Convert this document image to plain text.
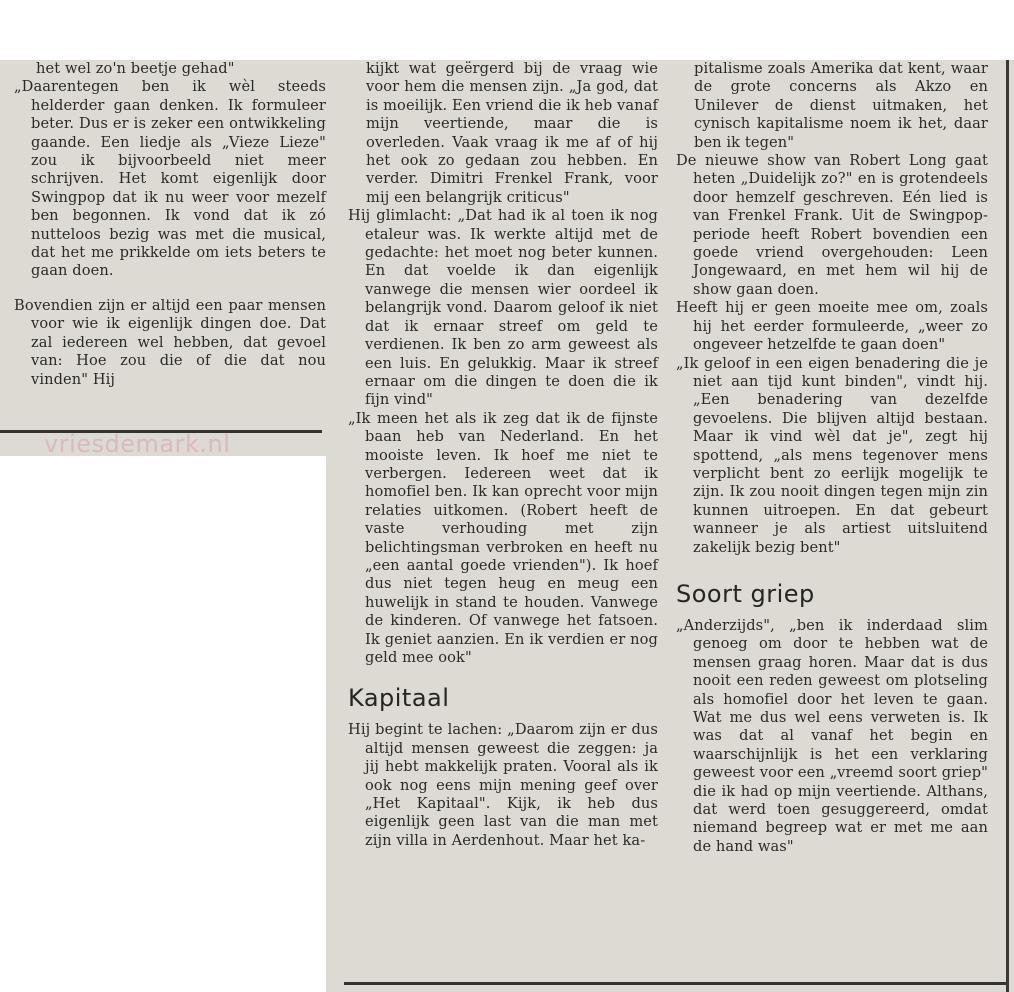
het wel zo'n beetje gehad"

„Daarentegen ben ik wèl steeds helderder gaan denken. Ik formuleer beter. Dus er is zeker een ontwikkeling gaande. Een liedje als „Vieze Lieze" zou ik bijvoorbeeld niet meer schrijven. Het komt eigenlijk door Swingpop dat ik nu weer voor mezelf ben begonnen. Ik vond dat ik zó nutteloos bezig was met die musical, dat het me prikkelde om iets beters te gaan doen.

Bovendien zijn er altijd een paar mensen voor wie ik eigenlijk dingen doe. Dat zal iedereen wel hebben, dat gevoel van: Hoe zou die of die dat nou vinden" Hij

vriesdemark.nl

kijkt wat geërgerd bij de vraag wie voor hem die mensen zijn. „Ja god, dat is moeilijk. Een vriend die ik heb vanaf mijn veertiende, maar die is overleden. Vaak vraag ik me af of hij het ook zo gedaan zou hebben. En verder. Dimitri Frenkel Frank, voor mij een belangrijk criticus"

Hij glimlacht: „Dat had ik al toen ik nog etaleur was. Ik werkte altijd met de gedachte: het moet nog beter kunnen. En dat voelde ik dan eigenlijk vanwege die mensen wier oordeel ik belangrijk vond. Daarom geloof ik niet dat ik ernaar streef om geld te verdienen. Ik ben zo arm geweest als een luis. En gelukkig. Maar ik streef ernaar om die dingen te doen die ik fijn vind"

„Ik meen het als ik zeg dat ik de fijnste baan heb van Nederland. En het mooiste leven. Ik hoef me niet te verbergen. Iedereen weet dat ik homofiel ben. Ik kan oprecht voor mijn relaties uitkomen. (Robert heeft de vaste verhouding met zijn belichtingsman verbroken en heeft nu „een aantal goede vrienden"). Ik hoef dus niet tegen heug en meug een huwelijk in stand te houden. Vanwege de kinderen. Of vanwege het fatsoen. Ik geniet aanzien. En ik verdien er nog geld mee ook"

Kapitaal

Hij begint te lachen: „Daarom zijn er dus altijd mensen geweest die zeggen: ja jij hebt makkelijk praten. Vooral als ik ook nog eens mijn mening geef over „Het Kapitaal". Kijk, ik heb dus eigenlijk geen last van die man met zijn villa in Aerdenhout. Maar het ka-

pitalisme zoals Amerika dat kent, waar de grote concerns als Akzo en Unilever de dienst uitmaken, het cynisch kapitalisme noem ik het, daar ben ik tegen"

De nieuwe show van Robert Long gaat heten „Duidelijk zo?" en is grotendeels door hemzelf geschreven. Eén lied is van Frenkel Frank. Uit de Swingpop-periode heeft Robert bovendien een goede vriend overgehouden: Leen Jongewaard, en met hem wil hij de show gaan doen.

Heeft hij er geen moeite mee om, zoals hij het eerder formuleerde, „weer zo ongeveer hetzelfde te gaan doen"

„Ik geloof in een eigen benadering die je niet aan tijd kunt binden", vindt hij. „Een benadering van dezelfde gevoelens. Die blijven altijd bestaan. Maar ik vind wèl dat je", zegt hij spottend, „als mens tegenover mens verplicht bent zo eerlijk mogelijk te zijn. Ik zou nooit dingen tegen mijn zin kunnen uitroepen. En dat gebeurt wanneer je als artiest uitsluitend zakelijk bezig bent"

Soort griep

„Anderzijds", „ben ik inderdaad slim genoeg om door te hebben wat de mensen graag horen. Maar dat is dus nooit een reden geweest om plotseling als homofiel door het leven te gaan. Wat me dus wel eens verweten is. Ik was dat al vanaf het begin en waarschijnlijk is het een verklaring geweest voor een „vreemd soort griep" die ik had op mijn veertiende. Althans, dat werd toen gesuggereerd, omdat niemand begreep wat er met me aan de hand was"
